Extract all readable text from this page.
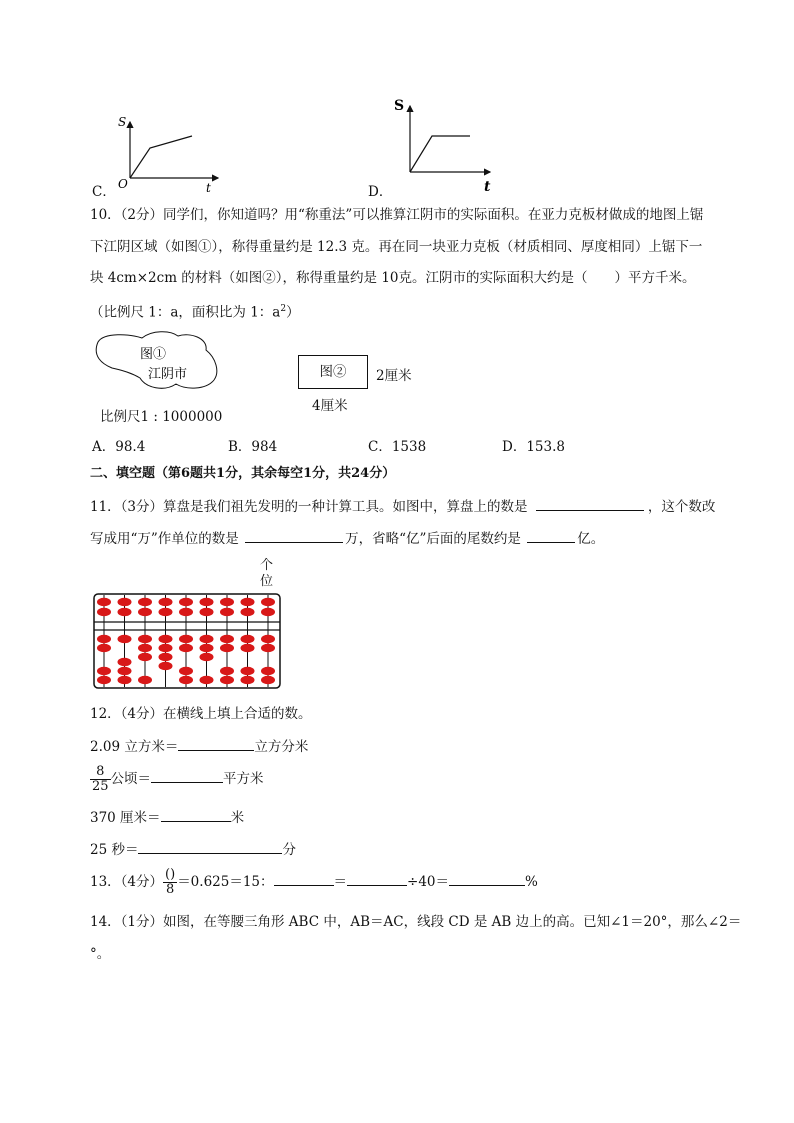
C．
S
O	t	D．
S
t
10．（2分）同学们，你知道吗？用“称重法”可以推算江阴市的实际面积。在亚力克板材做成的地图上锯
下江阴区域（如图①），称得重量约是 12.3 克。再在同一块亚力克板（材质相同、厚度相同）上锯下一
块 4cm×2cm 的材料（如图②），称得重量约是 10克。江阴市的实际面积大约是（　　）平方千米。
（比例尺 1：a，面积比为 1：$a^2$）
图①
江阴市
比例尺1 : 1000000
图②	2厘米
4厘米
A．98.4	B．984	C．1538	D．153.8
二、填空题（第6题共1分，其余每空1分，共24分）
11．（3分）算盘是我们祖先发明的一种计算工具。如图中，算盘上的数是	，这个数改
写成用“万”作单位的数是	万，省略“亿”后面的尾数约是	亿。
个
位
12．（4分）在横线上填上合适的数。
2.09 立方米＝	立方分米
$\frac{8}{25}$ 公顷＝	平方米
370 厘米＝	米
25 秒＝	分
13．（4分） $\frac{()}{8} =0.625=15$：	＝	÷40＝	%
14．（1分）如图，在等腰三角形 ABC 中，AB＝AC，线段 CD 是 AB 边上的高。已知∠1＝20°，那么∠2＝
°。
